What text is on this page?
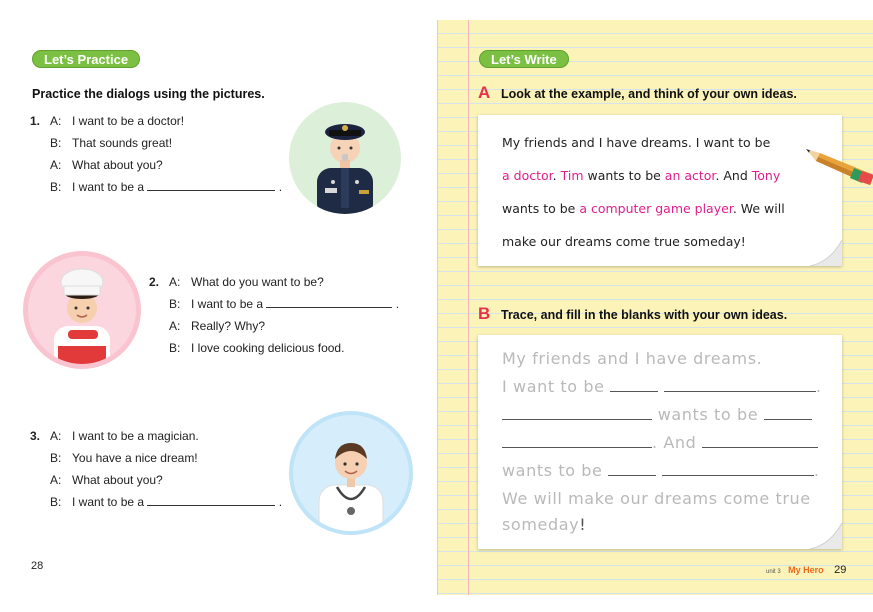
Let’s Practice
Practice the dialogs using the pictures.
1. A: I want to be a doctor!
B: That sounds great!
A: What about you?
B: I want to be a	.
2. A: What do you want to be?
B: I want to be a	.
A: Really? Why?
B: I love cooking delicious food.
3. A: I want to be a magician.
B: You have a nice dream!
A: What about you?
B: I want to be a	.
28
Let’s Write
A Look at the example, and think of your own ideas.
My friends and I have dreams. I want to be
a doctor. Tim wants to be an actor. And Tony
wants to be a computer game player. We will
make our dreams come true someday!
B Trace, and fill in the blanks with your own ideas.
My friends and I have dreams.
I want to be	.
wants to be
. And
wants to be	.
We will make our dreams come true
someday!
unit 3 My Hero 29
